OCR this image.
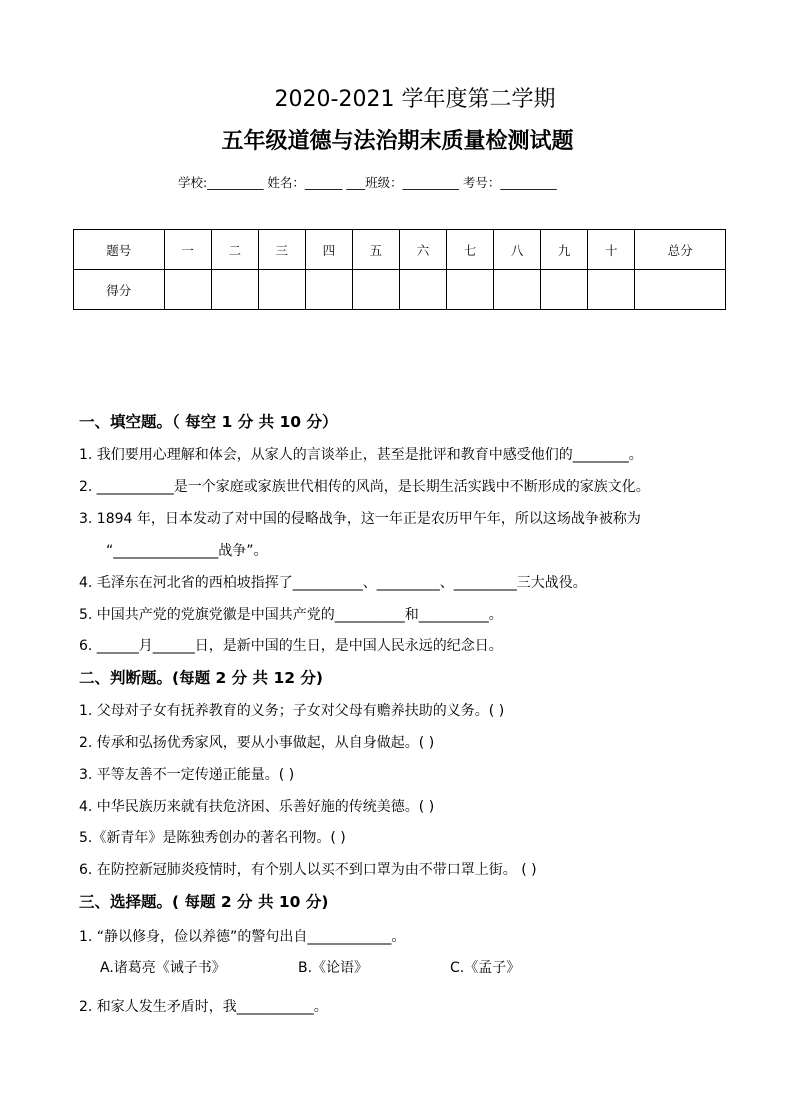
2020-2021 学年度第二学期
五年级道德与法治期末质量检测试题
学校:_________ 姓名：______ ___班级：_________ 考号：_________
题号	一	二	三	四	五	六	七	八	九	十	总分
得分											
一、填空题。（ 每空 1 分 共 10 分）
1. 我们要用心理解和体会，从家人的言谈举止，甚至是批评和教育中感受他们的________。
2. ___________是一个家庭或家族世代相传的风尚，是长期生活实践中不断形成的家族文化。
3. 1894 年，日本发动了对中国的侵略战争，这一年正是农历甲午年，所以这场战争被称为
“_______________战争”。
4. 毛泽东在河北省的西柏坡指挥了__________、_________、_________三大战役。
5. 中国共产党的党旗党徽是中国共产党的__________和__________。
6. ______月______日，是新中国的生日，是中国人民永远的纪念日。
二、判断题。(每题 2 分 共 12 分)
1. 父母对子女有抚养教育的义务；子女对父母有赡养扶助的义务。( )
2. 传承和弘扬优秀家风，要从小事做起，从自身做起。( )
3. 平等友善不一定传递正能量。( )
4. 中华民族历来就有扶危济困、乐善好施的传统美德。( )
5.《新青年》是陈独秀创办的著名刊物。( )
6. 在防控新冠肺炎疫情时，有个别人以买不到口罩为由不带口罩上街。 ( )
三、选择题。( 每题 2 分 共 10 分)
1. “静以修身，俭以养德”的警句出自____________。
A.诸葛亮《诫子书》	B.《论语》	C.《孟子》
2. 和家人发生矛盾时，我___________。
